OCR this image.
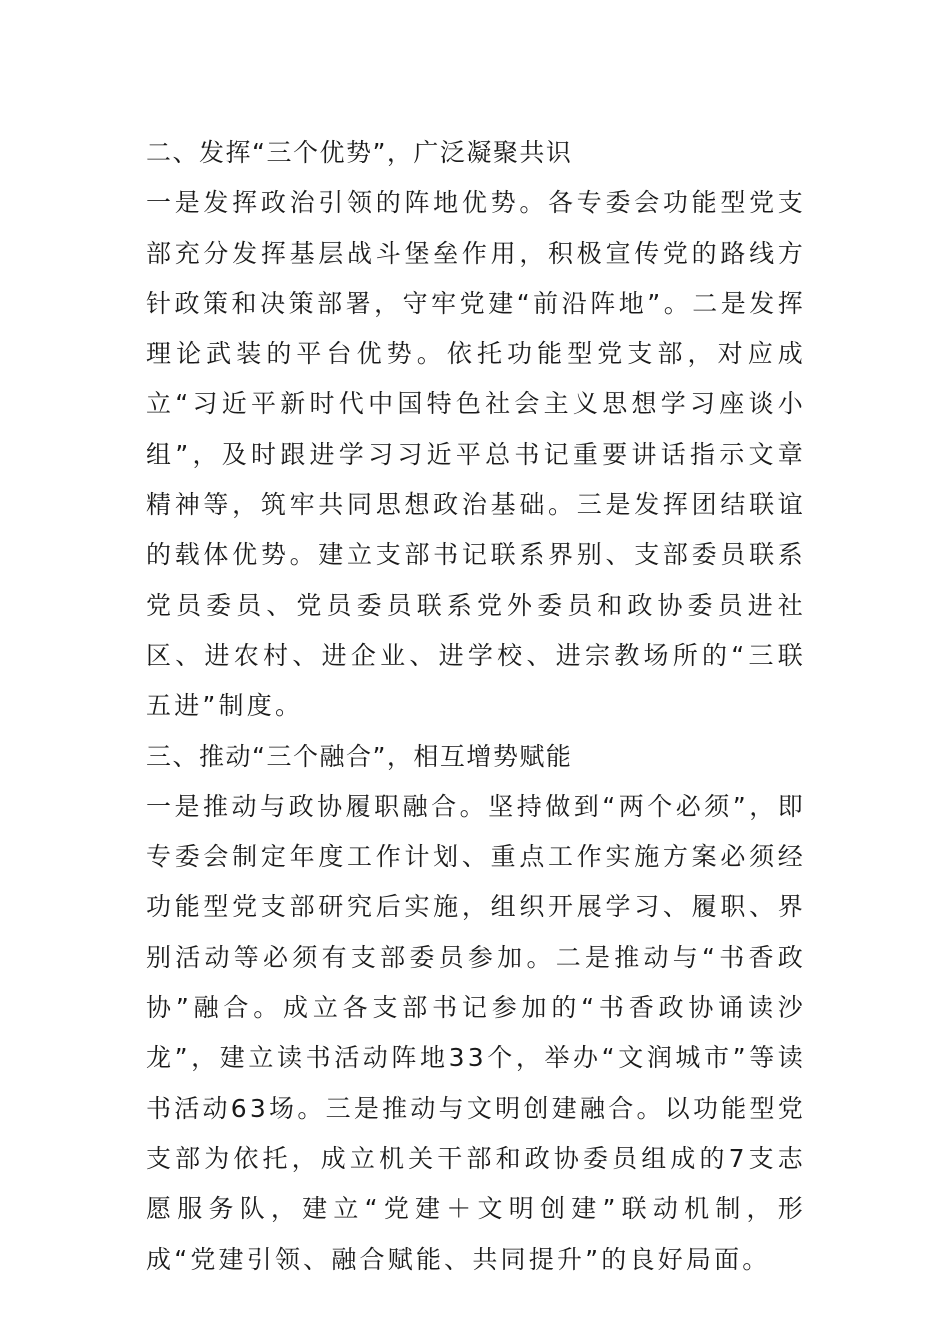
二、发挥“三个优势”，广泛凝聚共识

一是发挥政治引领的阵地优势。各专委会功能型党支部充分发挥基层战斗堡垒作用，积极宣传党的路线方针政策和决策部署，守牢党建“前沿阵地”。二是发挥理论武装的平台优势。依托功能型党支部，对应成立“习近平新时代中国特色社会主义思想学习座谈小组”，及时跟进学习习近平总书记重要讲话指示文章精神等，筑牢共同思想政治基础。三是发挥团结联谊的载体优势。建立支部书记联系界别、支部委员联系党员委员、党员委员联系党外委员和政协委员进社区、进农村、进企业、进学校、进宗教场所的“三联五进”制度。

三、推动“三个融合”，相互增势赋能

一是推动与政协履职融合。坚持做到“两个必须”，即专委会制定年度工作计划、重点工作实施方案必须经功能型党支部研究后实施，组织开展学习、履职、界别活动等必须有支部委员参加。二是推动与“书香政协”融合。成立各支部书记参加的“书香政协诵读沙龙”，建立读书活动阵地33个，举办“文润城市”等读书活动63场。三是推动与文明创建融合。以功能型党支部为依托，成立机关干部和政协委员组成的7支志愿服务队，建立“党建＋文明创建”联动机制，形成“党建引领、融合赋能、共同提升”的良好局面。
